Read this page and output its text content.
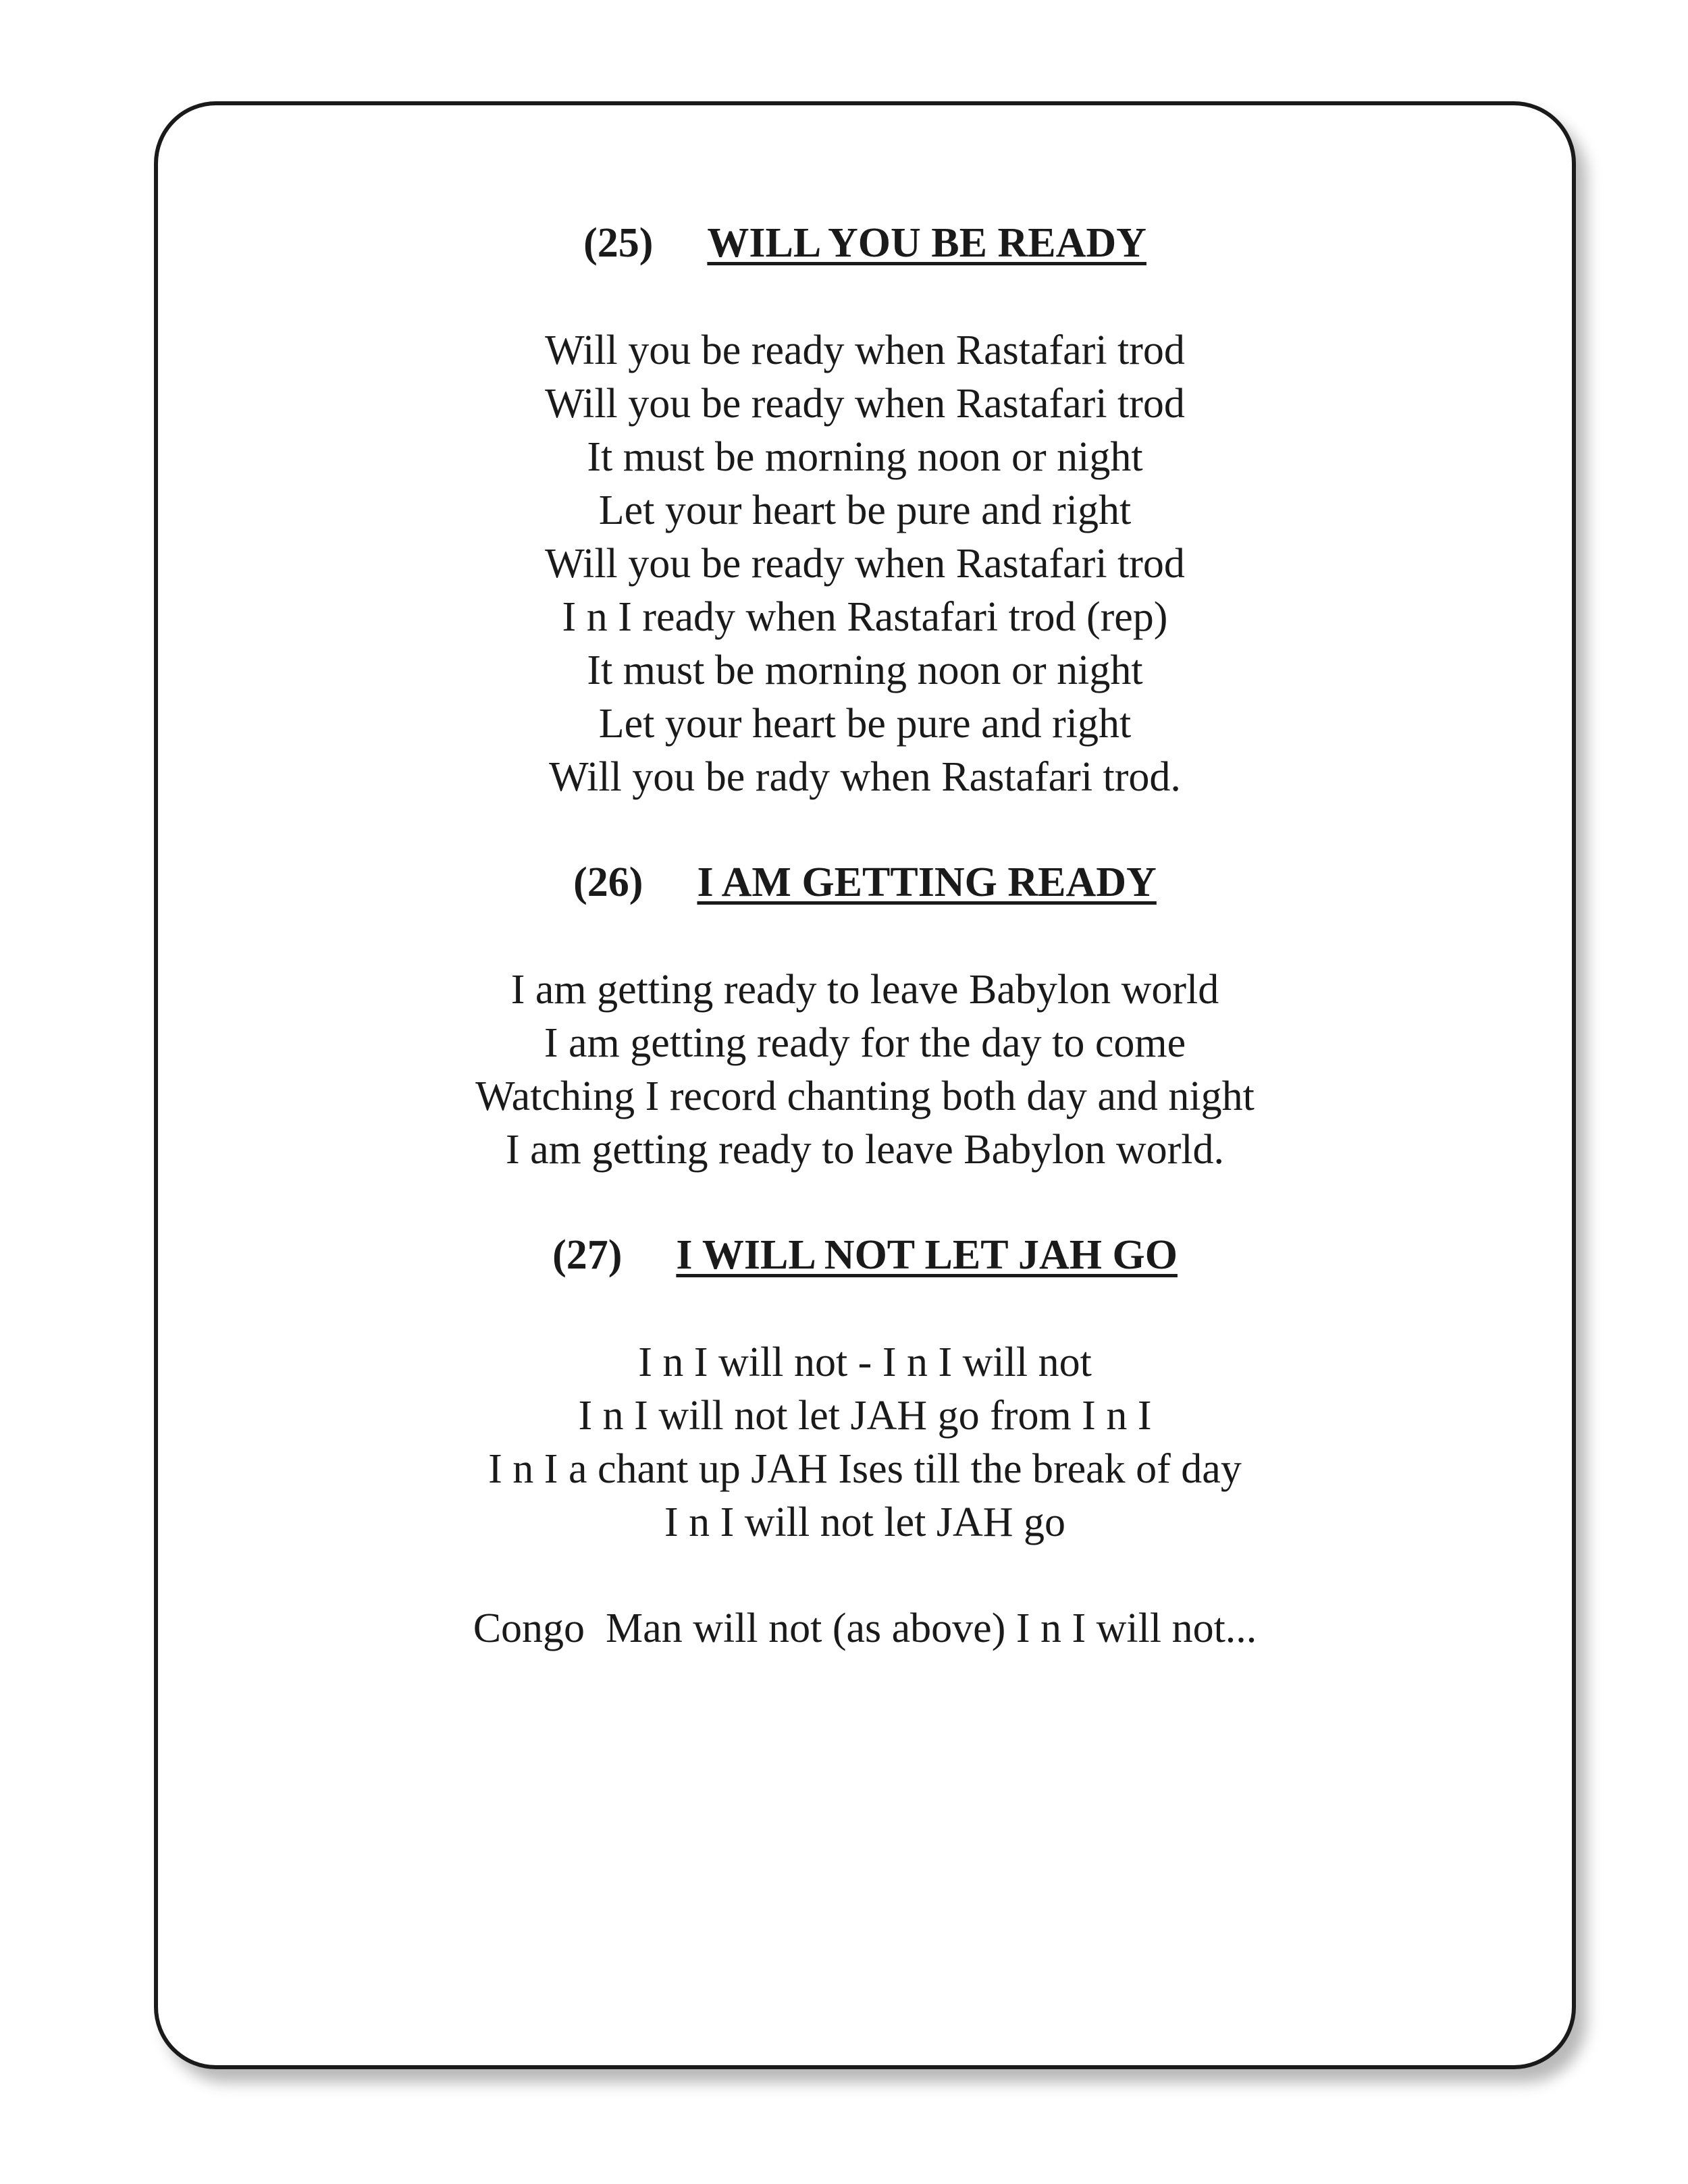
(25) WILL YOU BE READY
Will you be ready when Rastafari trod
Will you be ready when Rastafari trod
It must be morning noon or night
Let your heart be pure and right
Will you be ready when Rastafari trod
I n I ready when Rastafari trod (rep)
It must be morning noon or night
Let your heart be pure and right
Will you be rady when Rastafari trod.
(26) I AM GETTING READY
I am getting ready to leave Babylon world
I am getting ready for the day to come
Watching I record chanting both day and night
I am getting ready to leave Babylon world.
(27) I WILL NOT LET JAH GO
I n I will not - I n I will not
I n I will not let JAH go from I n I
I n I a chant up JAH Ises till the break of day
I n I will not let JAH go
Congo  Man will not (as above) I n I will not...
